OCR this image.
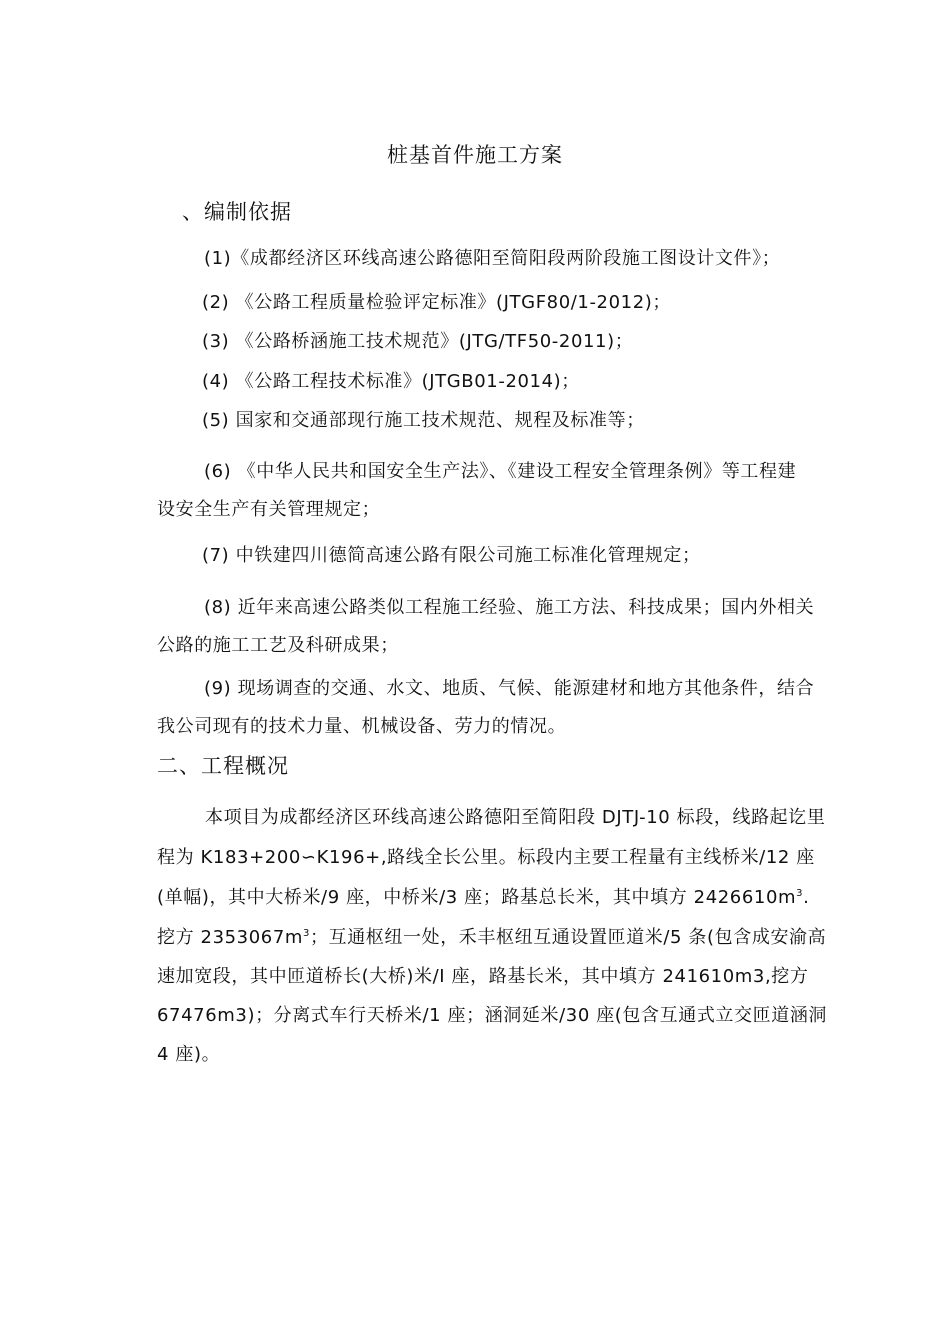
桩基首件施工方案
、编制依据
(1)《成都经济区环线高速公路德阳至简阳段两阶段施工图设计文件》；
(2) 《公路工程质量检验评定标准》(JTGF80/1-2012)；
(3) 《公路桥涵施工技术规范》(JTG/TF50-2011)；
(4) 《公路工程技术标准》(JTGB01-2014)；
(5) 国家和交通部现行施工技术规范、规程及标准等；
(6) 《中华人民共和国安全生产法》、《建设工程安全管理条例》等工程建
设安全生产有关管理规定；
(7) 中铁建四川德简高速公路有限公司施工标准化管理规定；
(8) 近年来高速公路类似工程施工经验、施工方法、科技成果；国内外相关
公路的施工工艺及科研成果；
(9) 现场调查的交通、水文、地质、气候、能源建材和地方其他条件，结合
我公司现有的技术力量、机械设备、劳力的情况。
二、工程概况
本项目为成都经济区环线高速公路德阳至简阳段 DJTJ-10 标段，线路起讫里
程为 K183+200∽K196+,路线全长公里。标段内主要工程量有主线桥米/12 座
(单幅)，其中大桥米/9 座，中桥米/3 座；路基总长米，其中填方 $2426610m^3$.
挖方 $2353067m^3$；互通枢纽一处，禾丰枢纽互通设置匝道米/5 条(包含成安渝高
速加宽段，其中匝道桥长(大桥)米/I 座，路基长米，其中填方 241610m3,挖方
67476m3)；分离式车行天桥米/1 座；涵洞延米/30 座(包含互通式立交匝道涵洞
4 座)。
